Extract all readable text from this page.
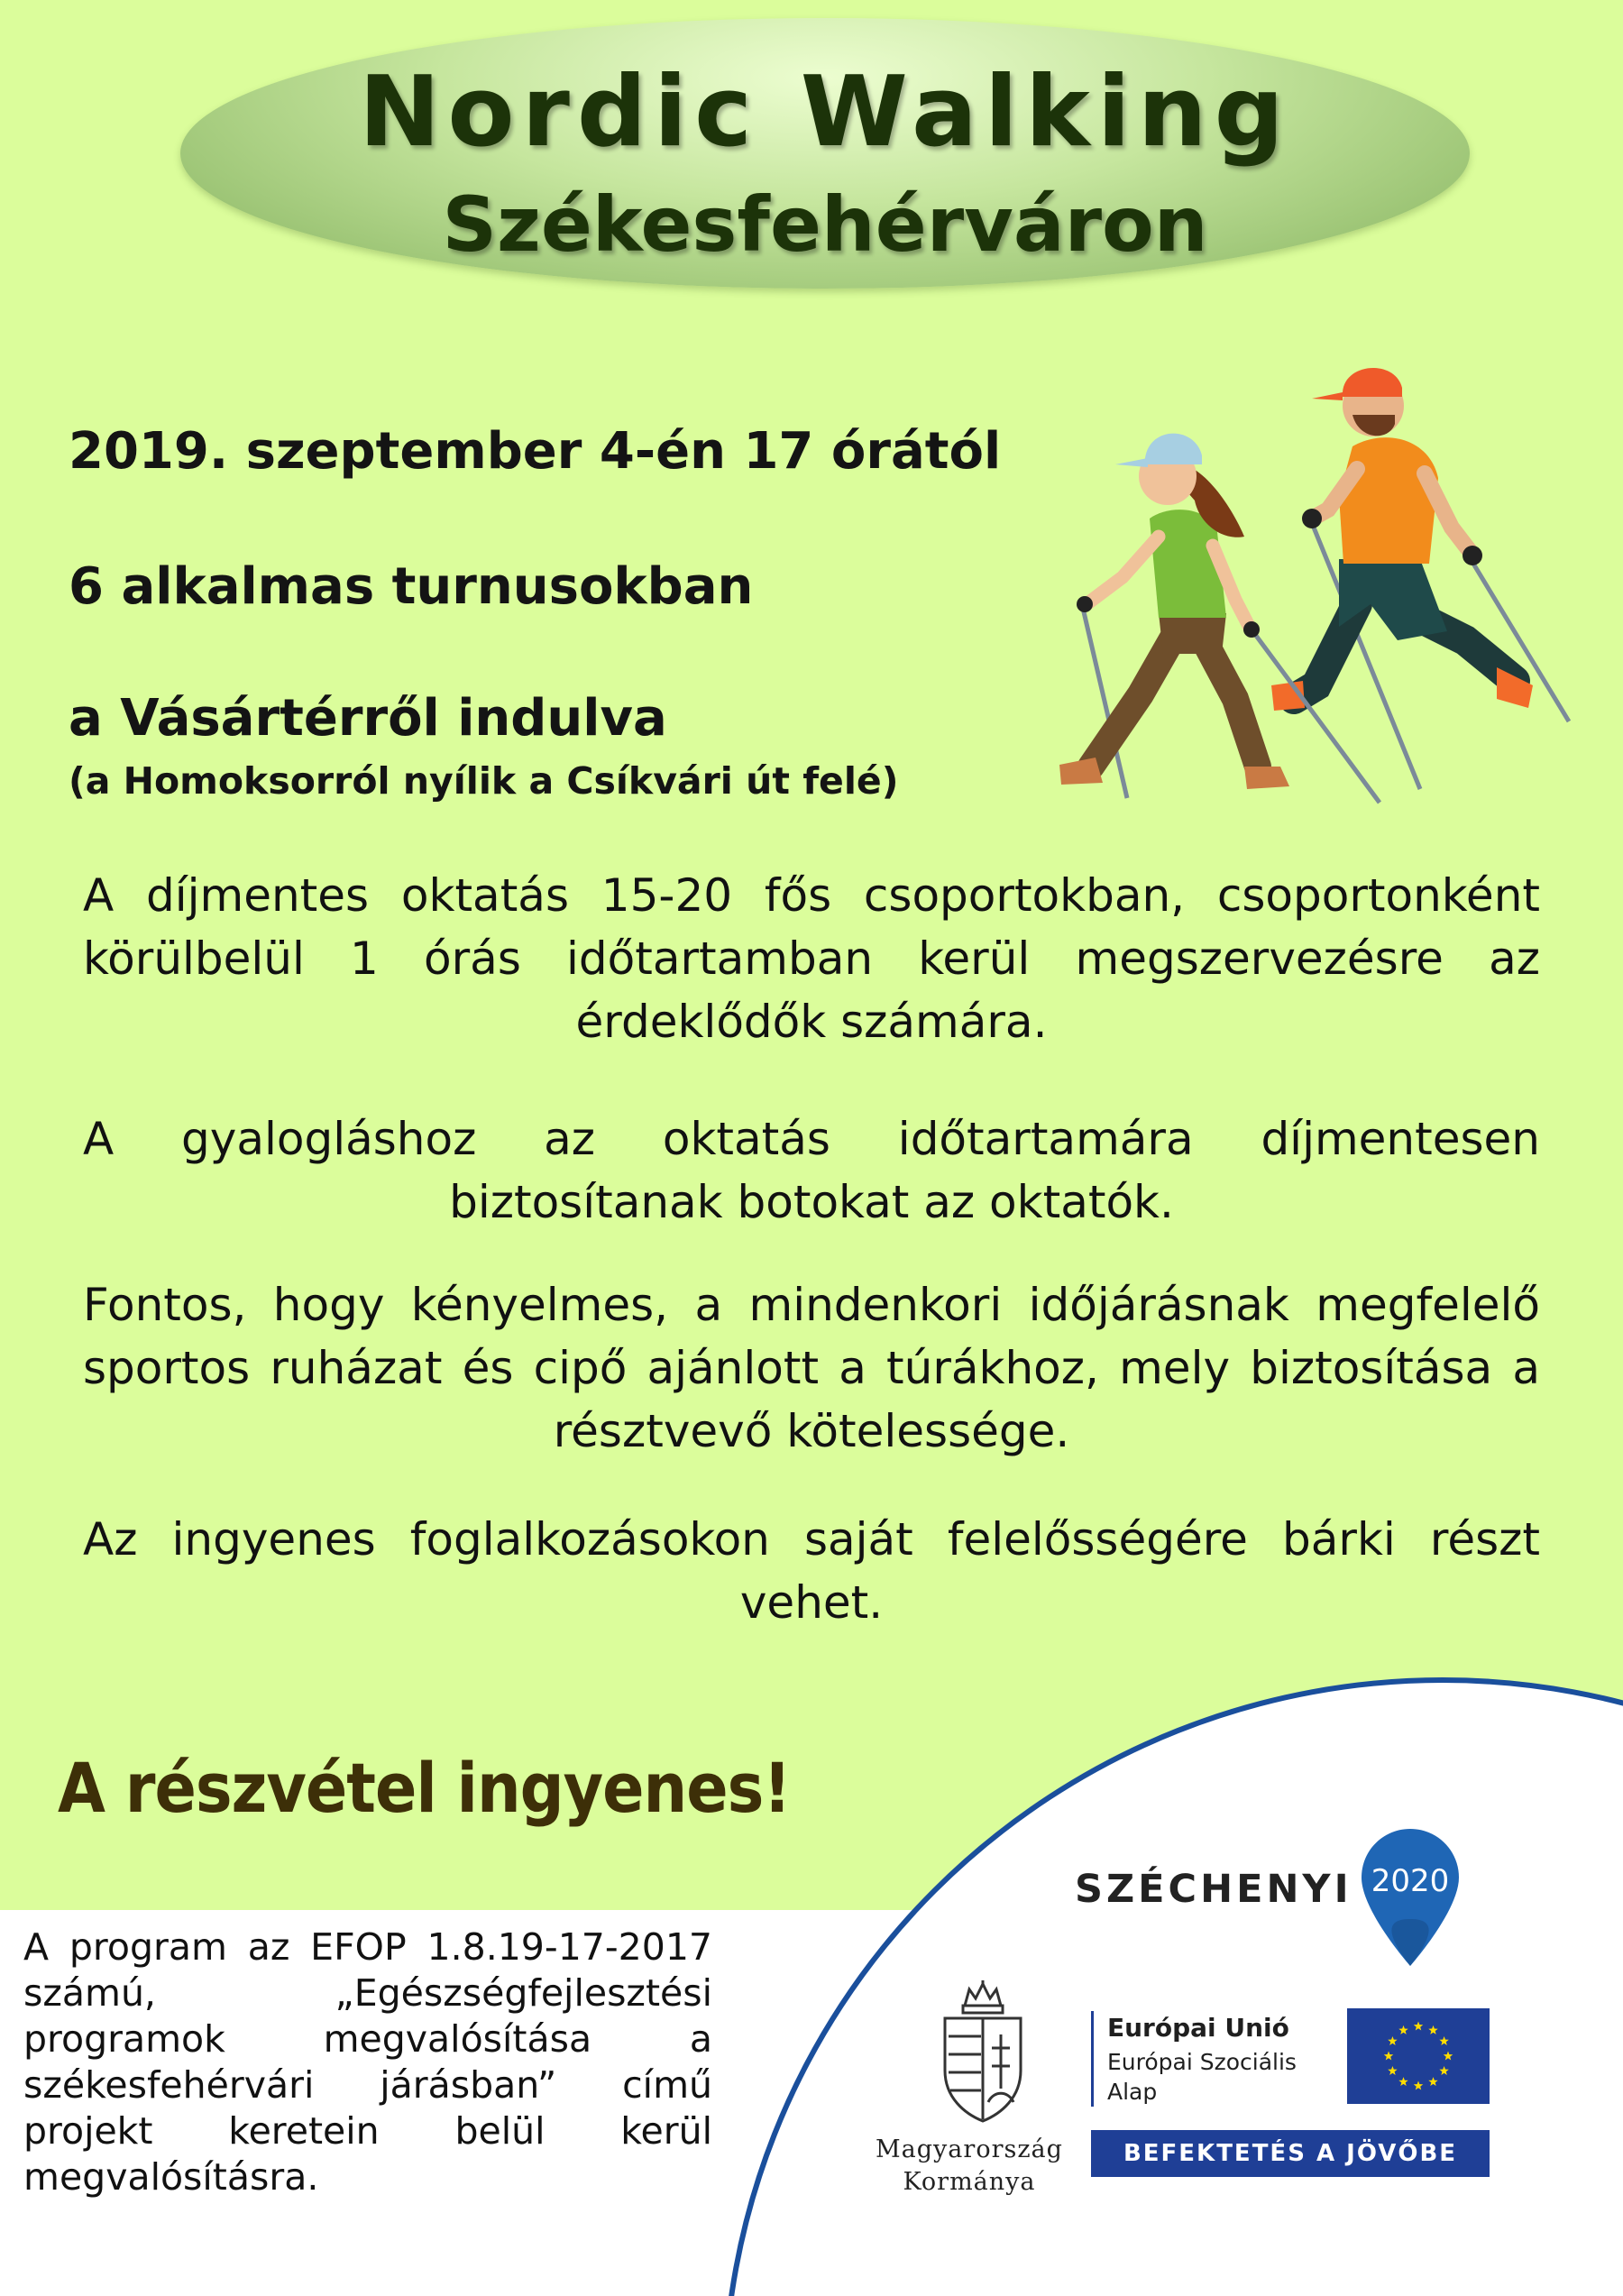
Nordic Walking
Székesfehérváron

2019. szeptember 4-én 17 órától

6 alkalmas turnusokban

a Vásártérről indulva

(a Homoksorról nyílik a Csíkvári út felé)

A díjmentes oktatás 15-20 fős csoportokban, csoportonként körülbelül 1 órás időtartamban kerül megszervezésre az érdeklődők számára.

A gyalogláshoz az oktatás időtartamára díjmentesen biztosítanak botokat az oktatók.

Fontos, hogy kényelmes, a mindenkori időjárásnak megfelelő sportos ruházat és cipő ajánlott a túrákhoz, mely biztosítása a résztvevő kötelessége.

Az ingyenes foglalkozásokon saját felelősségére bárki részt vehet.

A részvétel ingyenes!

A program az EFOP 1.8.19-17-2017 számú, „Egészségfejlesztési programok megvalósítása a székesfehérvári járásban” című projekt keretein belül kerül megvalósításra.

SZÉCHENYI 2020

Magyarország
Kormánya

Európai Unió

Európai Szociális Alap

BEFEKTETÉS A JÖVŐBE
